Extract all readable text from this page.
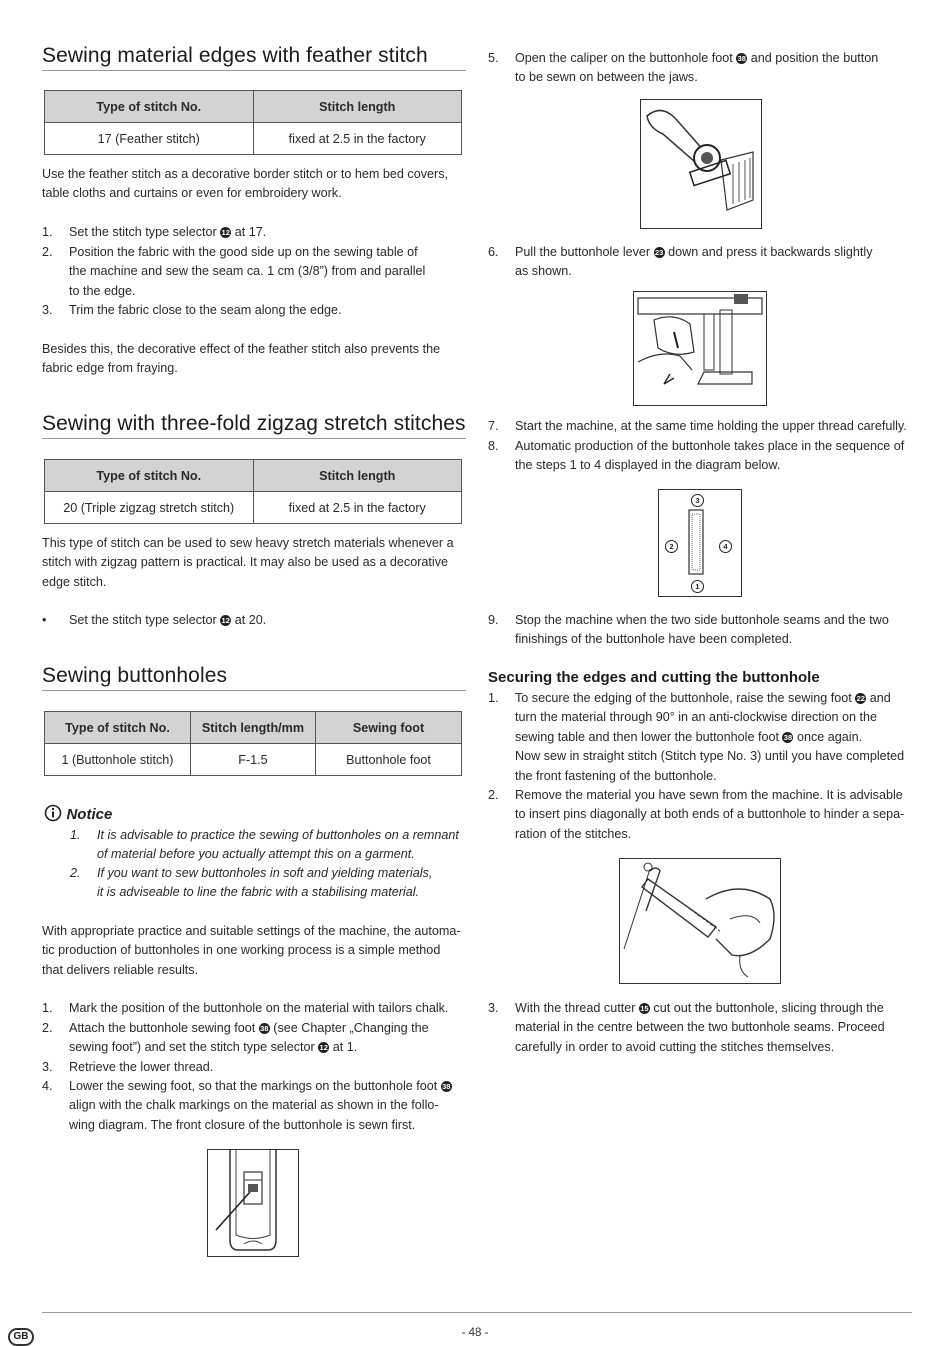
Sewing material edges with feather stitch
Type of stitch No.	Stitch length
17 (Feather stitch)	fixed at 2.5 in the factory

Use the feather stitch as a decorative border stitch or to hem bed covers,
table cloths and curtains or even for embroidery work.

1. Set the stitch type selector 12 at 17.
2. Position the fabric with the good side up on the sewing table of
the machine and sew the seam ca. 1 cm (3/8”) from and parallel
to the edge.
3. Trim the fabric close to the seam along the edge.

Besides this, the decorative effect of the feather stitch also prevents the
fabric edge from fraying.

Sewing with three-fold zigzag stretch stitches
Type of stitch No.	Stitch length
20 (Triple zigzag stretch stitch)	fixed at 2.5 in the factory

This type of stitch can be used to sew heavy stretch materials whenever a
stitch with zigzag pattern is practical. It may also be used as a decorative
edge stitch.

• Set the stitch type selector 12 at 20.
Sewing buttonholes
Type of stitch No.	Stitch length/mm	Sewing foot
1 (Buttonhole stitch)	F-1.5	Buttonhole foot
Notice
1. It is advisable to practice the sewing of buttonholes on a remnant
of material before you actually attempt this on a garment.
2. If you want to sew buttonholes in soft and yielding materials,
it is adviseable to line the fabric with a stabilising material.

With appropriate practice and suitable settings of the machine, the automa-
tic production of buttonholes in one working process is a simple method
that delivers reliable results.

1. Mark the position of the buttonhole on the material with tailors chalk.
2. Attach the buttonhole sewing foot 38 (see Chapter „Changing the
sewing foot”) and set the stitch type selector 12 at 1.
3. Retrieve the lower thread.
4. Lower the sewing foot, so that the markings on the buttonhole foot 38
align with the chalk markings on the material as shown in the follo-
wing diagram. The front closure of the buttonhole is sewn first.
5. Open the caliper on the buttonhole foot 38 and position the button
to be sewn on between the jaws.
6. Pull the buttonhole lever 23 down and press it backwards slightly
as shown.
7. Start the machine, at the same time holding the upper thread carefully.
8. Automatic production of the buttonhole takes place in the sequence of
the steps 1 to 4 displayed in the diagram below.
3
2	4
1
9. Stop the machine when the two side buttonhole seams and the two
finishings of the buttonhole have been completed.
Securing the edges and cutting the buttonhole
1. To secure the edging of the buttonhole, raise the sewing foot 22 and
turn the material through 90° in an anti-clockwise direction on the
sewing table and then lower the buttonhole foot 38 once again.
Now sew in straight stitch (Stitch type No. 3) until you have completed
the front fastening of the buttonhole.
2. Remove the material you have sewn from the machine. It is advisable
to insert pins diagonally at both ends of a buttonhole to hinder a sepa-
ration of the stitches.
3. With the thread cutter 15 cut out the buttonhole, slicing through the
material in the centre between the two buttonhole seams. Proceed
carefully in order to avoid cutting the stitches themselves.
GB	- 48 -
